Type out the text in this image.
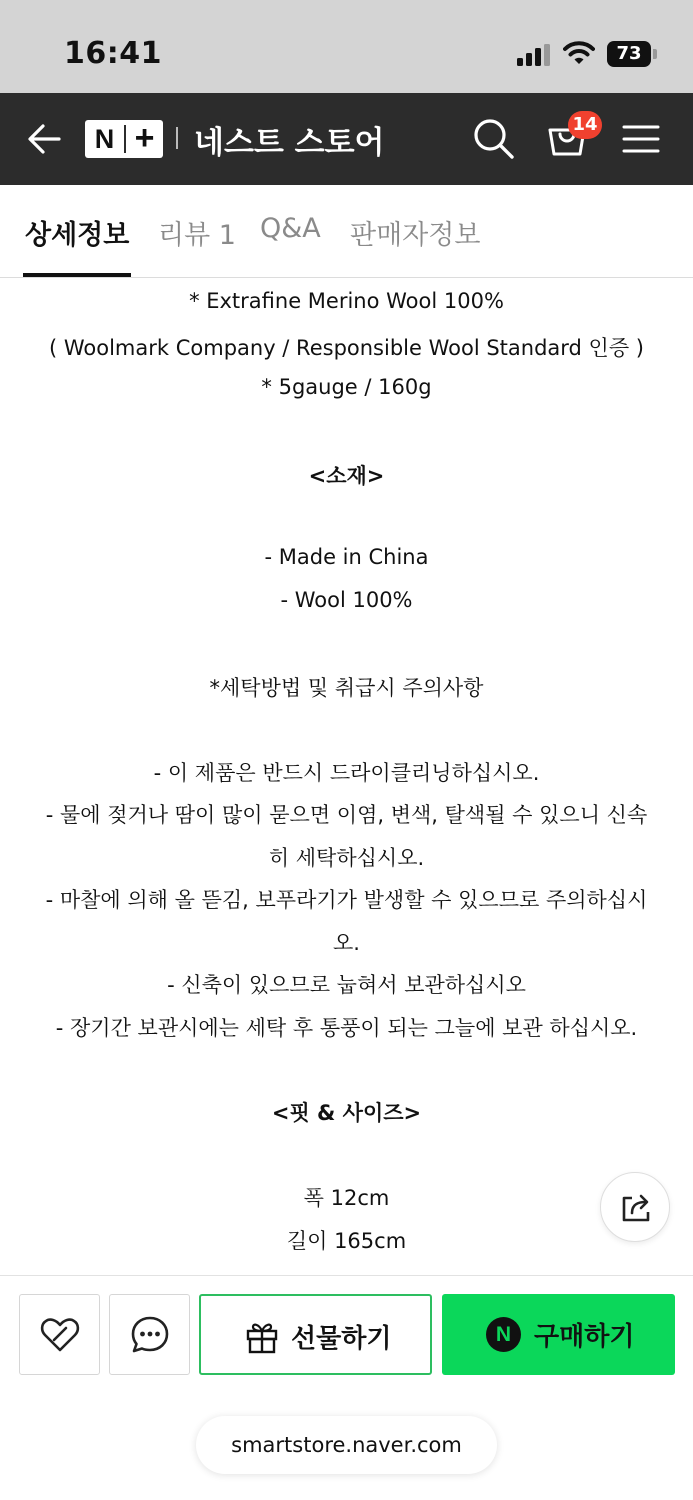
16:41	73
N + 네스트 스토어
14
상세정보 리뷰 1 Q&A 판매자정보
* Extrafine Merino Wool 100%
( Woolmark Company / Responsible Wool Standard 인증 )
* 5gauge / 160g
<소재>
- Made in China
- Wool 100%
*세탁방법 및 취급시 주의사항
- 이 제품은 반드시 드라이클리닝하십시오.
- 물에 젖거나 땀이 많이 묻으면 이염, 변색, 탈색될 수 있으니 신속
히 세탁하십시오.
- 마찰에 의해 올 뜯김, 보푸라기가 발생할 수 있으므로 주의하십시
오.
- 신축이 있으므로 눕혀서 보관하십시오
- 장기간 보관시에는 세탁 후 통풍이 되는 그늘에 보관 하십시오.
<핏 & 사이즈>
폭 12cm
길이 165cm
선물하기	N 구매하기
smartstore.naver.com
